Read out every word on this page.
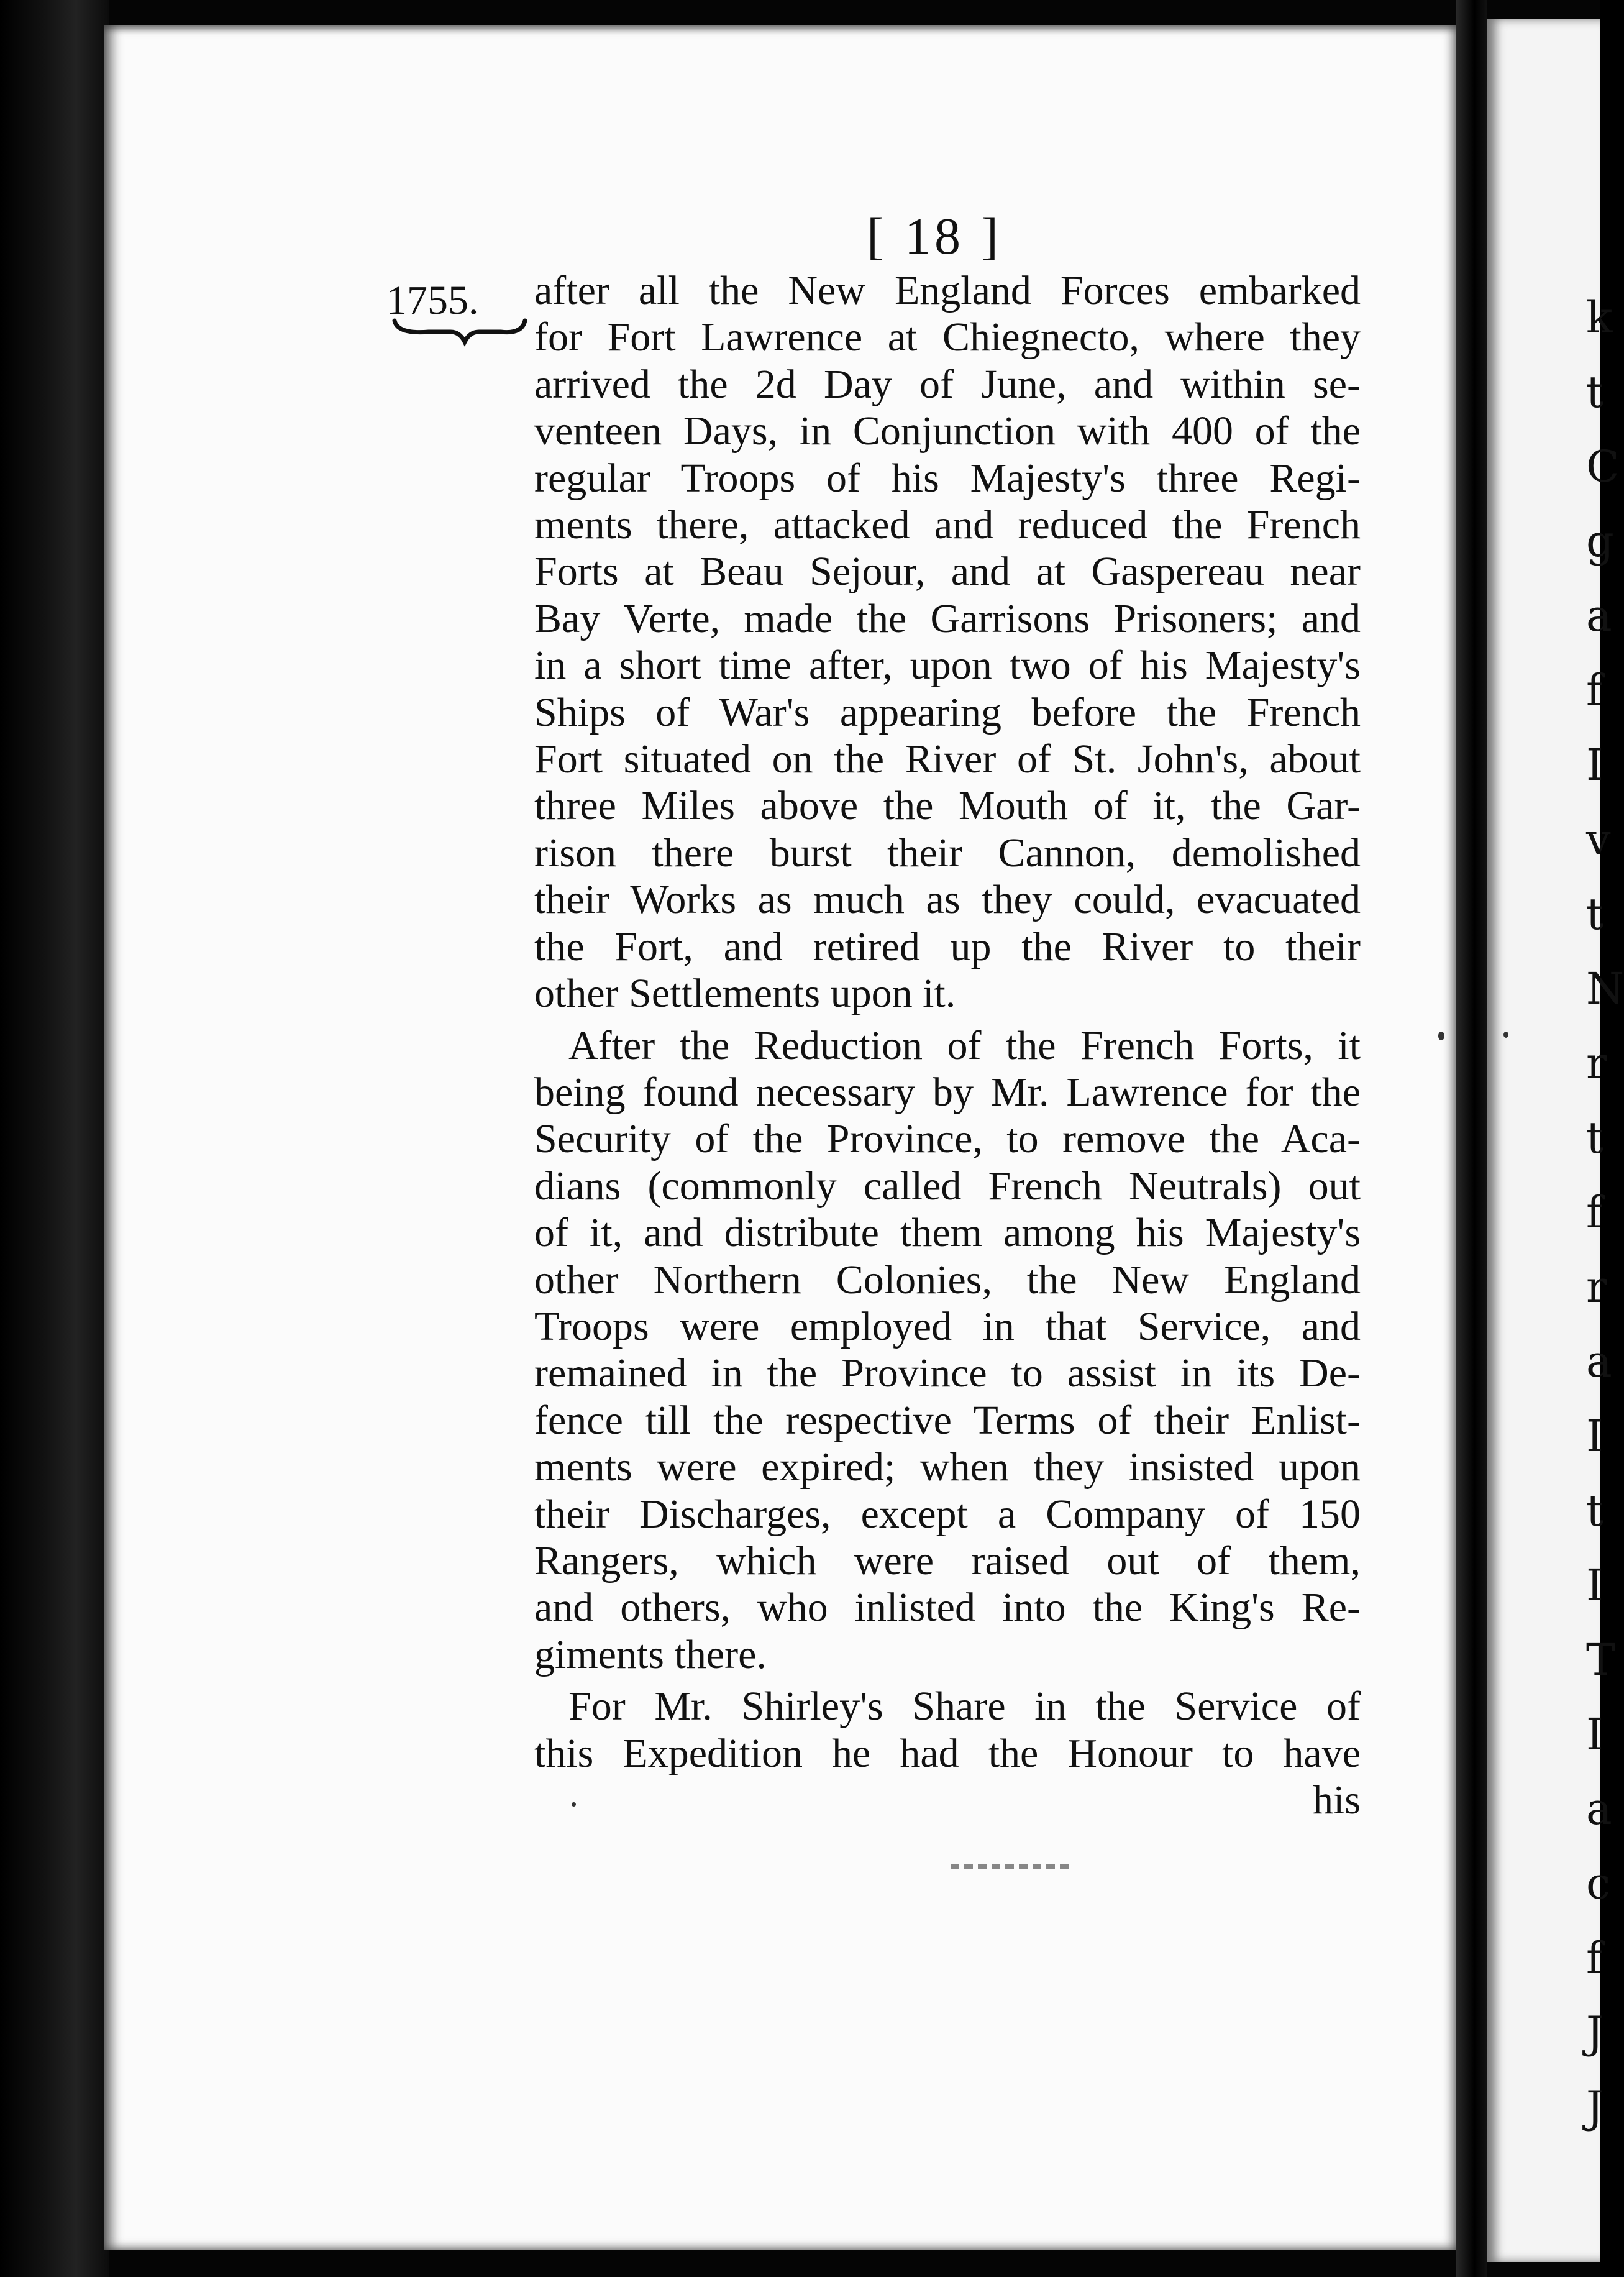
k
t
C
g
a
f
I
v
t
N
r
t
f
r
a
I
t
I
T
I
a
c
f
J
J
[ 18 ]
1755. after all the New England Forces embarked
for Fort Lawrence at Chiegnecto, where they
arrived the 2d Day of June, and within se-
venteen Days, in Conjunction with 400 of the
regular Troops of his Majesty's three Regi-
ments there, attacked and reduced the French
Forts at Beau Sejour, and at Gaspereau near
Bay Verte, made the Garrisons Prisoners; and
in a short time after, upon two of his Majesty's
Ships of War's appearing before the French
Fort situated on the River of St. John's, about
three Miles above the Mouth of it, the Gar-
rison there burst their Cannon, demolished
their Works as much as they could, evacuated
the Fort, and retired up the River to their
other Settlements upon it.
After the Reduction of the French Forts, it
being found necessary by Mr. Lawrence for the
Security of the Province, to remove the Aca-
dians (commonly called French Neutrals) out
of it, and distribute them among his Majesty's
other Northern Colonies, the New England
Troops were employed in that Service, and
remained in the Province to assist in its De-
fence till the respective Terms of their Enlist-
ments were expired; when they insisted upon
their Discharges, except a Company of 150
Rangers, which were raised out of them,
and others, who inlisted into the King's Re-
giments there.
For Mr. Shirley's Share in the Service of
this Expedition he had the Honour to have
his
